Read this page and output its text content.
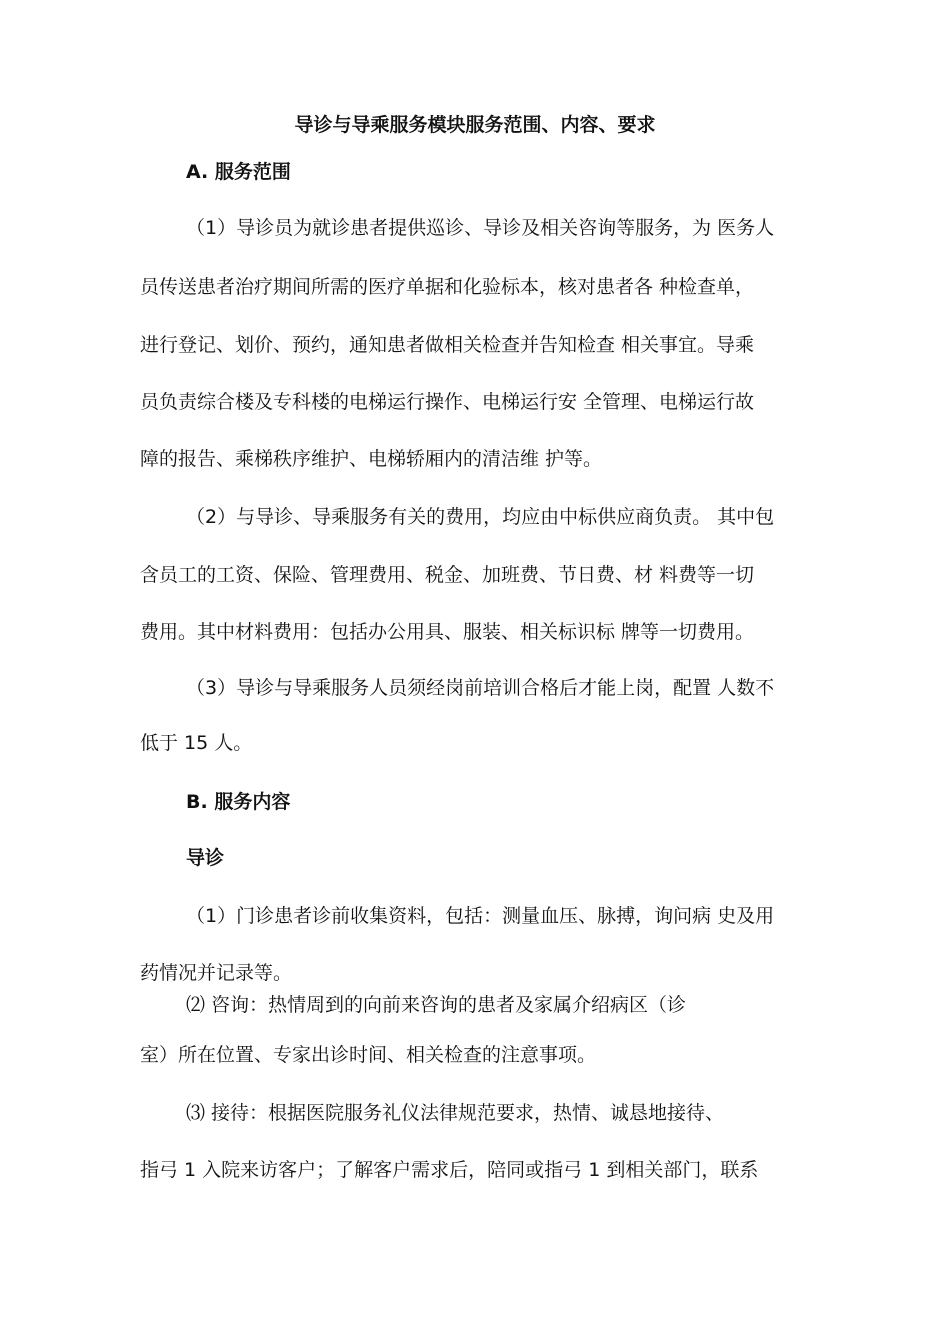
导诊与导乘服务模块服务范围、内容、要求
A. 服务范围
（1）导诊员为就诊患者提供巡诊、导诊及相关咨询等服务，为 医务人
员传送患者治疗期间所需的医疗单据和化验标本，核对患者各 种检查单，
进行登记、划价、预约，通知患者做相关检查并告知检查 相关事宜。导乘
员负责综合楼及专科楼的电梯运行操作、电梯运行安 全管理、电梯运行故
障的报告、乘梯秩序维护、电梯轿厢内的清洁维 护等。
（2）与导诊、导乘服务有关的费用，均应由中标供应商负责。 其中包
含员工的工资、保险、管理费用、税金、加班费、节日费、材 料费等一切
费用。其中材料费用：包括办公用具、服装、相关标识标 牌等一切费用。
（3）导诊与导乘服务人员须经岗前培训合格后才能上岗，配置 人数不
低于 15 人。
B. 服务内容
导诊
（1）门诊患者诊前收集资料，包括：测量血压、脉搏，询问病 史及用
药情况并记录等。
⑵ 咨询：热情周到的向前来咨询的患者及家属介绍病区（诊
室）所在位置、专家出诊时间、相关检查的注意事项。
⑶ 接待：根据医院服务礼仪法律规范要求，热情、诚恳地接待、
指弓 1 入院来访客户；了解客户需求后，陪同或指弓 1 到相关部门，联系
